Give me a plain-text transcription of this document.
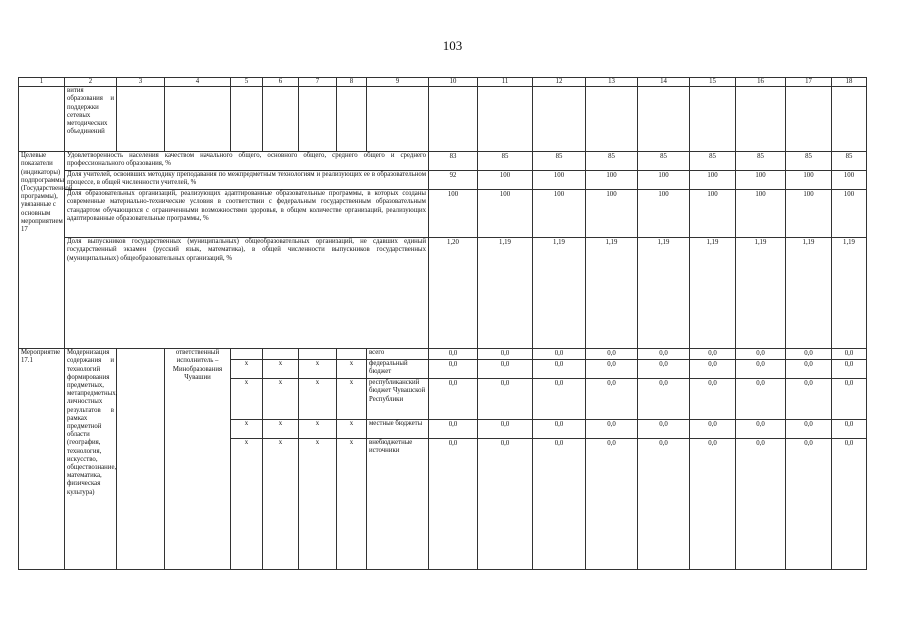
103
1	2	3	4	5	6	7	8	9	10	11	12	13	14	15	16	17	18
	вития образования и поддержки сетевых методических объединений																
Целевые показатели (индикаторы) подпрограммы (Государственной программы), увязанные с основным мероприятием 17	Удовлетворенность населения качеством начального общего, основного общего, среднего общего и среднего профессионального образования, %								83	85	85	85	85	85	85	85	85
	Доля учителей, освоивших методику преподавания по межпредметным технологиям и реализующих ее в образовательном процессе, в общей численности учителей, %								92	100	100	100	100	100	100	100	100
	Доля образовательных организаций, реализующих адаптированные образовательные программы, в которых созданы современные материально-технические условия в соответствии с федеральным государственным образовательным стандартом обучающихся с ограниченными возможностями здоровья, в общем количестве организаций, реализующих адаптированные образовательные программы, %								100	100	100	100	100	100	100	100	100
	Доля выпускников государственных (муниципальных) общеобразовательных организаций, не сдавших единый государственный экзамен (русский язык, математика), в общей численности выпускников государственных (муниципальных) общеобразовательных организаций, %								1,20	1,19	1,19	1,19	1,19	1,19	1,19	1,19	1,19
Мероприятие 17.1	Модернизация содержания и технологий формирования предметных, метапредметных, личностных результатов в рамках предметной области (география, технология, искусство, обществознание, математика, физическая культура)		ответственный исполнитель – Минобразования Чувашии					всего	0,0	0,0	0,0	0,0	0,0	0,0	0,0	0,0	0,0
				x	x	x	x	федеральный бюджет	0,0	0,0	0,0	0,0	0,0	0,0	0,0	0,0	0,0
				x	x	x	x	республиканский бюджет Чувашской Республики	0,0	0,0	0,0	0,0	0,0	0,0	0,0	0,0	0,0
				x	x	x	x	местные бюджеты	0,0	0,0	0,0	0,0	0,0	0,0	0,0	0,0	0,0
				x	x	x	x	внебюджетные источники	0,0	0,0	0,0	0,0	0,0	0,0	0,0	0,0	0,0
